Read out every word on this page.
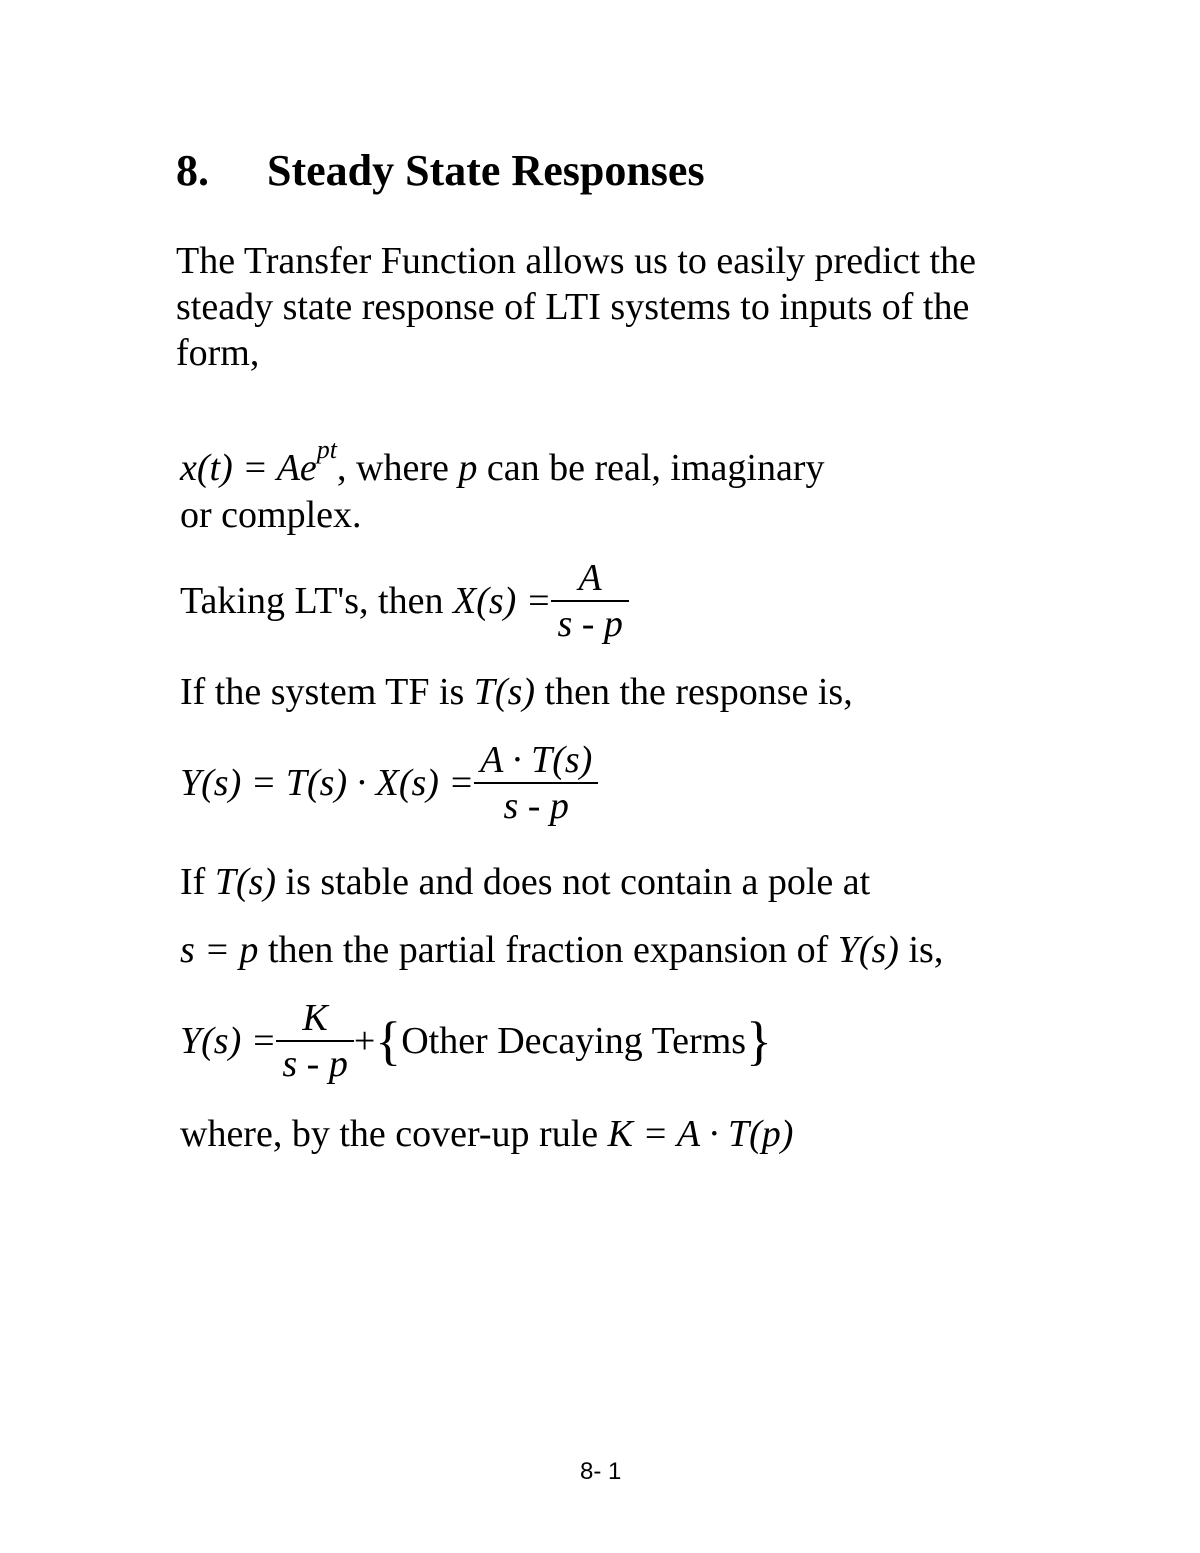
8. Steady State Responses
The Transfer Function allows us to easily predict the
steady state response of LTI systems to inputs of the
form,
$x(t) = Ae^{pt}$, where p can be real, imaginary
or complex.
Taking LT's, then $X(s) = \frac{A}{s - p}$
If the system TF is T(s) then the response is,
$Y(s) = T(s) \cdot X(s) = \frac{A \cdot T(s)}{s - p}$
If T(s) is stable and does not contain a pole at
s = p then the partial fraction expansion of Y(s) is,
$Y(s) = \frac{K}{s - p}$ +{Other Decaying Terms}
where, by the cover-up rule K = A · T(p)
8- 1
